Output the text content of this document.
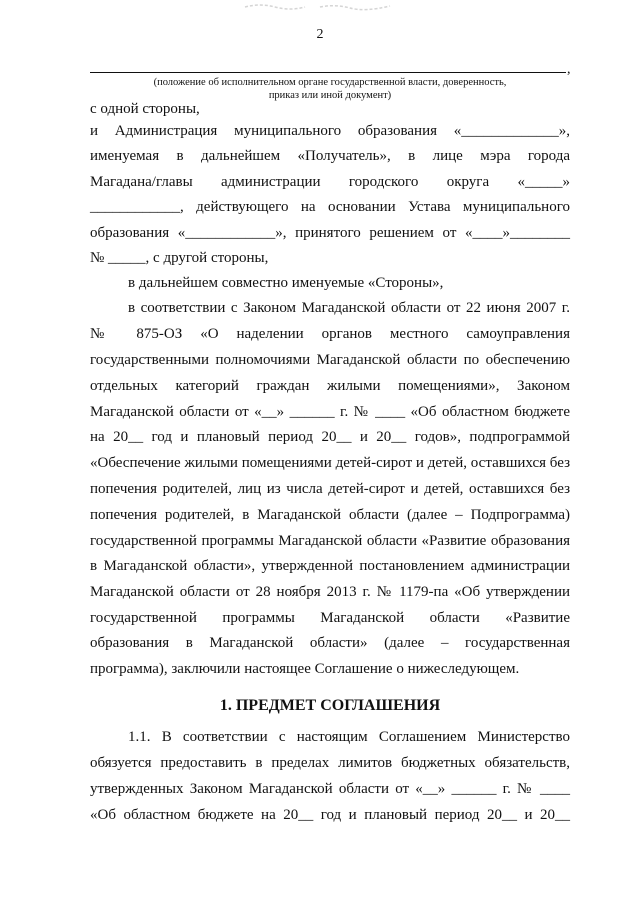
2
,
(положение об исполнительном органе государственной власти, доверенность,
приказ или иной документ)
с одной стороны,
и Администрация муниципального образования «_____________»,
именуемая в дальнейшем «Получатель», в лице мэра города
Магадана/главы администрации городского округа «_____»
____________, действующего на основании Устава муниципального
образования «____________», принятого решением от «____»________
№ _____, с другой стороны,
в дальнейшем совместно именуемые «Стороны»,
в соответствии с Законом Магаданской области от 22 июня 2007 г.
№ 875-ОЗ «О наделении органов местного самоуправления
государственными полномочиями Магаданской области по обеспечению
отдельных категорий граждан жилыми помещениями», Законом
Магаданской области от «__» ______ г. № ____ «Об областном бюджете
на 20__ год и плановый период 20__ и 20__ годов», подпрограммой
«Обеспечение жилыми помещениями детей-сирот и детей, оставшихся без
попечения родителей, лиц из числа детей-сирот и детей, оставшихся без
попечения родителей, в Магаданской области (далее – Подпрограмма)
государственной программы Магаданской области «Развитие образования
в Магаданской области», утвержденной постановлением администрации
Магаданской области от 28 ноября 2013 г. № 1179-па «Об утверждении
государственной программы Магаданской области «Развитие
образования в Магаданской области» (далее – государственная
программа), заключили настоящее Соглашение о нижеследующем.
1. ПРЕДМЕТ СОГЛАШЕНИЯ
1.1. В соответствии с настоящим Соглашением Министерство
обязуется предоставить в пределах лимитов бюджетных обязательств,
утвержденных Законом Магаданской области от «__» ______ г. № ____
«Об областном бюджете на 20__ год и плановый период 20__ и 20__
